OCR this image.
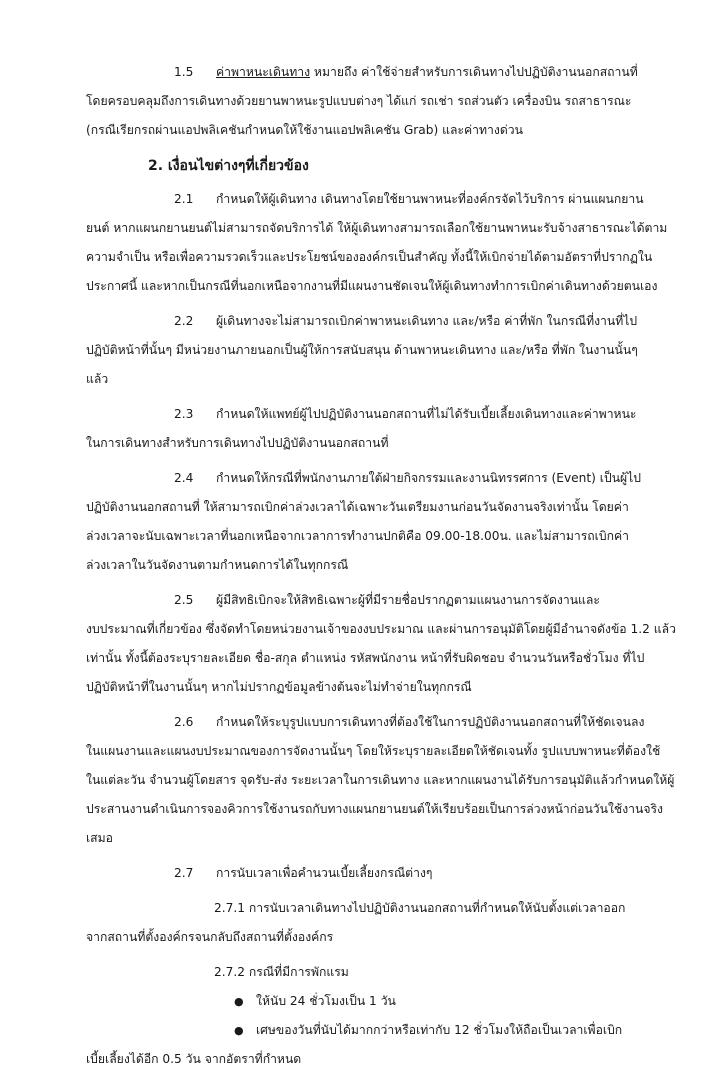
1.5 ค่าพาหนะเดินทาง หมายถึง ค่าใช้จ่ายสำหรับการเดินทางไปปฏิบัติงานนอกสถานที่
โดยครอบคลุมถึงการเดินทางด้วยยานพาหนะรูปแบบต่างๆ ได้แก่ รถเช่า รถส่วนตัว เครื่องบิน รถสาธารณะ
(กรณีเรียกรถผ่านแอปพลิเคชันกำหนดให้ใช้งานแอปพลิเคชัน Grab) และค่าทางด่วน

2. เงื่อนไขต่างๆที่เกี่ยวข้อง

2.1 กำหนดให้ผู้เดินทาง เดินทางโดยใช้ยานพาหนะที่องค์กรจัดไว้บริการ ผ่านแผนกยาน
ยนต์ หากแผนกยานยนต์ไม่สามารถจัดบริการได้ ให้ผู้เดินทางสามารถเลือกใช้ยานพาหนะรับจ้างสาธารณะได้ตาม
ความจำเป็น หรือเพื่อความรวดเร็วและประโยชน์ขององค์กรเป็นสำคัญ ทั้งนี้ให้เบิกจ่ายได้ตามอัตราที่ปรากฏใน
ประกาศนี้ และหากเป็นกรณีที่นอกเหนือจากงานที่มีแผนงานชัดเจนให้ผู้เดินทางทำการเบิกค่าเดินทางด้วยตนเอง

2.2 ผู้เดินทางจะไม่สามารถเบิกค่าพาหนะเดินทาง และ/หรือ ค่าที่พัก ในกรณีที่งานที่ไป
ปฏิบัติหน้าที่นั้นๆ มีหน่วยงานภายนอกเป็นผู้ให้การสนับสนุน ด้านพาหนะเดินทาง และ/หรือ ที่พัก ในงานนั้นๆ
แล้ว

2.3 กำหนดให้แพทย์ผู้ไปปฏิบัติงานนอกสถานที่ไม่ได้รับเบี้ยเลี้ยงเดินทางและค่าพาหนะ
ในการเดินทางสำหรับการเดินทางไปปฏิบัติงานนอกสถานที่

2.4 กำหนดให้กรณีที่พนักงานภายใต้ฝ่ายกิจกรรมและงานนิทรรศการ (Event) เป็นผู้ไป
ปฏิบัติงานนอกสถานที่ ให้สามารถเบิกค่าล่วงเวลาได้เฉพาะวันเตรียมงานก่อนวันจัดงานจริงเท่านั้น โดยค่า
ล่วงเวลาจะนับเฉพาะเวลาที่นอกเหนือจากเวลาการทำงานปกติคือ 09.00-18.00น. และไม่สามารถเบิกค่า
ล่วงเวลาในวันจัดงานตามกำหนดการได้ในทุกกรณี

2.5 ผู้มีสิทธิเบิกจะให้สิทธิเฉพาะผู้ที่มีรายชื่อปรากฏตามแผนงานการจัดงานและ
งบประมาณที่เกี่ยวข้อง ซึ่งจัดทำโดยหน่วยงานเจ้าของงบประมาณ และผ่านการอนุมัติโดยผู้มีอำนาจดังข้อ 1.2 แล้ว
เท่านั้น ทั้งนี้ต้องระบุรายละเอียด ชื่อ-สกุล ตำแหน่ง รหัสพนักงาน หน้าที่รับผิดชอบ จำนวนวันหรือชั่วโมง ที่ไป
ปฏิบัติหน้าที่ในงานนั้นๆ หากไม่ปรากฏข้อมูลข้างต้นจะไม่ทำจ่ายในทุกกรณี

2.6 กำหนดให้ระบุรูปแบบการเดินทางที่ต้องใช้ในการปฏิบัติงานนอกสถานที่ให้ชัดเจนลง
ในแผนงานและแผนงบประมาณของการจัดงานนั้นๆ โดยให้ระบุรายละเอียดให้ชัดเจนทั้ง รูปแบบพาหนะที่ต้องใช้
ในแต่ละวัน จำนวนผู้โดยสาร จุดรับ-ส่ง ระยะเวลาในการเดินทาง และหากแผนงานได้รับการอนุมัติแล้วกำหนดให้ผู้
ประสานงานดำเนินการจองคิวการใช้งานรถกับทางแผนกยานยนต์ให้เรียบร้อยเป็นการล่วงหน้าก่อนวันใช้งานจริง
เสมอ

2.7 การนับเวลาเพื่อคำนวนเบี้ยเลี้ยงกรณีต่างๆ

2.7.1 การนับเวลาเดินทางไปปฏิบัติงานนอกสถานที่กำหนดให้นับตั้งแต่เวลาออก
จากสถานที่ตั้งองค์กรจนกลับถึงสถานที่ตั้งองค์กร

2.7.2 กรณีที่มีการพักแรม

● ให้นับ 24 ชั่วโมงเป็น 1 วัน

● เศษของวันที่นับได้มากกว่าหรือเท่ากับ 12 ชั่วโมงให้ถือเป็นเวลาเพื่อเบิก
เบี้ยเลี้ยงได้อีก 0.5 วัน จากอัตราที่กำหนด
